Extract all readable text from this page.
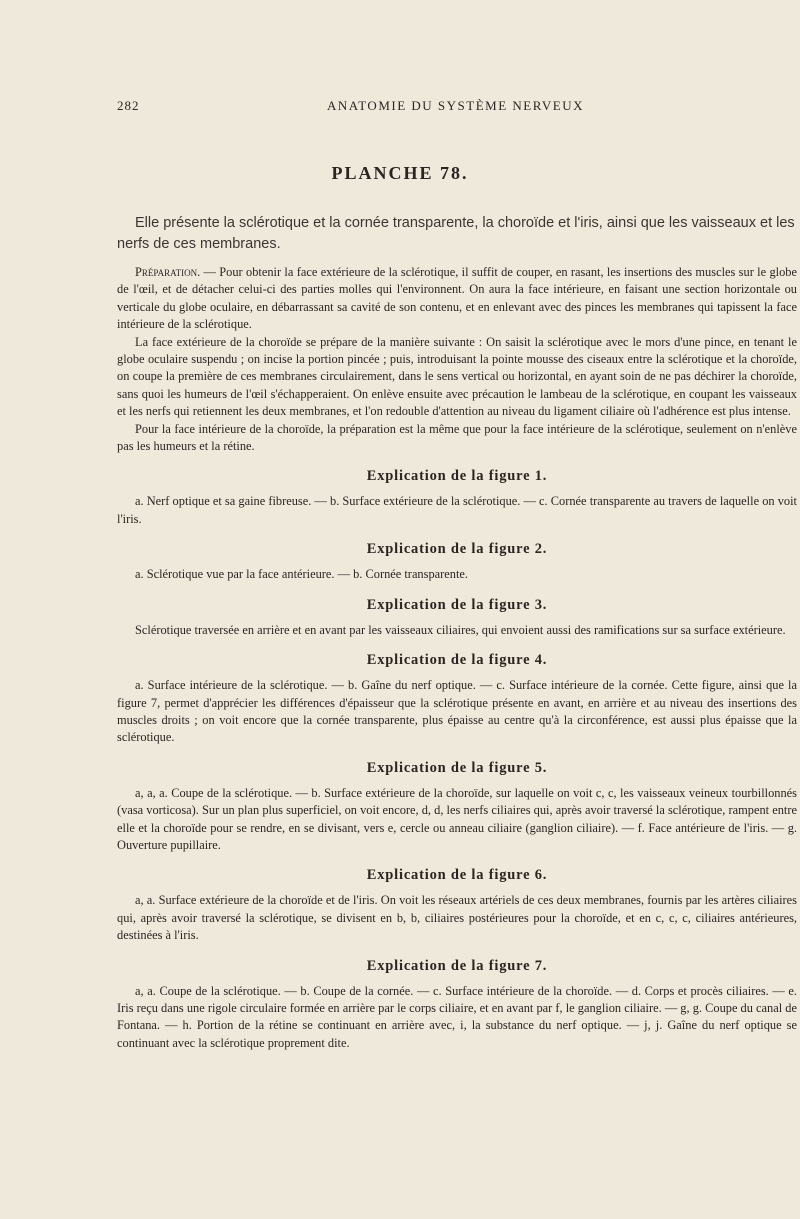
282	ANATOMIE DU SYSTÈME NERVEUX
PLANCHE 78.

Elle présente la sclérotique et la cornée transparente, la choroïde et l'iris, ainsi que les vaisseaux et les nerfs de ces membranes.

Préparation. — Pour obtenir la face extérieure de la sclérotique, il suffit de couper, en rasant, les insertions des muscles sur le globe de l'œil, et de détacher celui-ci des parties molles qui l'environnent. On aura la face intérieure, en faisant une section horizontale ou verticale du globe oculaire, en débarrassant sa cavité de son contenu, et en enlevant avec des pinces les membranes qui tapissent la face intérieure de la sclérotique.

La face extérieure de la choroïde se prépare de la manière suivante : On saisit la sclérotique avec le mors d'une pince, en tenant le globe oculaire suspendu ; on incise la portion pincée ; puis, introduisant la pointe mousse des ciseaux entre la sclérotique et la choroïde, on coupe la première de ces membranes circulairement, dans le sens vertical ou horizontal, en ayant soin de ne pas déchirer la choroïde, sans quoi les humeurs de l'œil s'échapperaient. On enlève ensuite avec précaution le lambeau de la sclérotique, en coupant les vaisseaux et les nerfs qui retiennent les deux membranes, et l'on redouble d'attention au niveau du ligament ciliaire où l'adhérence est plus intense.

Pour la face intérieure de la choroïde, la préparation est la même que pour la face intérieure de la sclérotique, seulement on n'enlève pas les humeurs et la rétine.

Explication de la figure 1.

a. Nerf optique et sa gaine fibreuse. — b. Surface extérieure de la sclérotique. — c. Cornée transparente au travers de laquelle on voit l'iris.

Explication de la figure 2.

a. Sclérotique vue par la face antérieure. — b. Cornée transparente.

Explication de la figure 3.

Sclérotique traversée en arrière et en avant par les vaisseaux ciliaires, qui envoient aussi des ramifications sur sa surface extérieure.

Explication de la figure 4.

a. Surface intérieure de la sclérotique. — b. Gaîne du nerf optique. — c. Surface intérieure de la cornée. Cette figure, ainsi que la figure 7, permet d'apprécier les différences d'épaisseur que la sclérotique présente en avant, en arrière et au niveau des insertions des muscles droits ; on voit encore que la cornée transparente, plus épaisse au centre qu'à la circonférence, est aussi plus épaisse que la sclérotique.

Explication de la figure 5.

a, a, a. Coupe de la sclérotique. — b. Surface extérieure de la choroïde, sur laquelle on voit c, c, les vaisseaux veineux tourbillonnés (vasa vorticosa). Sur un plan plus superficiel, on voit encore, d, d, les nerfs ciliaires qui, après avoir traversé la sclérotique, rampent entre elle et la choroïde pour se rendre, en se divisant, vers e, cercle ou anneau ciliaire (ganglion ciliaire). — f. Face antérieure de l'iris. — g. Ouverture pupillaire.

Explication de la figure 6.

a, a. Surface extérieure de la choroïde et de l'iris. On voit les réseaux artériels de ces deux membranes, fournis par les artères ciliaires qui, après avoir traversé la sclérotique, se divisent en b, b, ciliaires postérieures pour la choroïde, et en c, c, c, ciliaires antérieures, destinées à l'iris.

Explication de la figure 7.

a, a. Coupe de la sclérotique. — b. Coupe de la cornée. — c. Surface intérieure de la choroïde. — d. Corps et procès ciliaires. — e. Iris reçu dans une rigole circulaire formée en arrière par le corps ciliaire, et en avant par f, le ganglion ciliaire. — g, g. Coupe du canal de Fontana. — h. Portion de la rétine se continuant en arrière avec, i, la substance du nerf optique. — j, j. Gaîne du nerf optique se continuant avec la sclérotique proprement dite.
